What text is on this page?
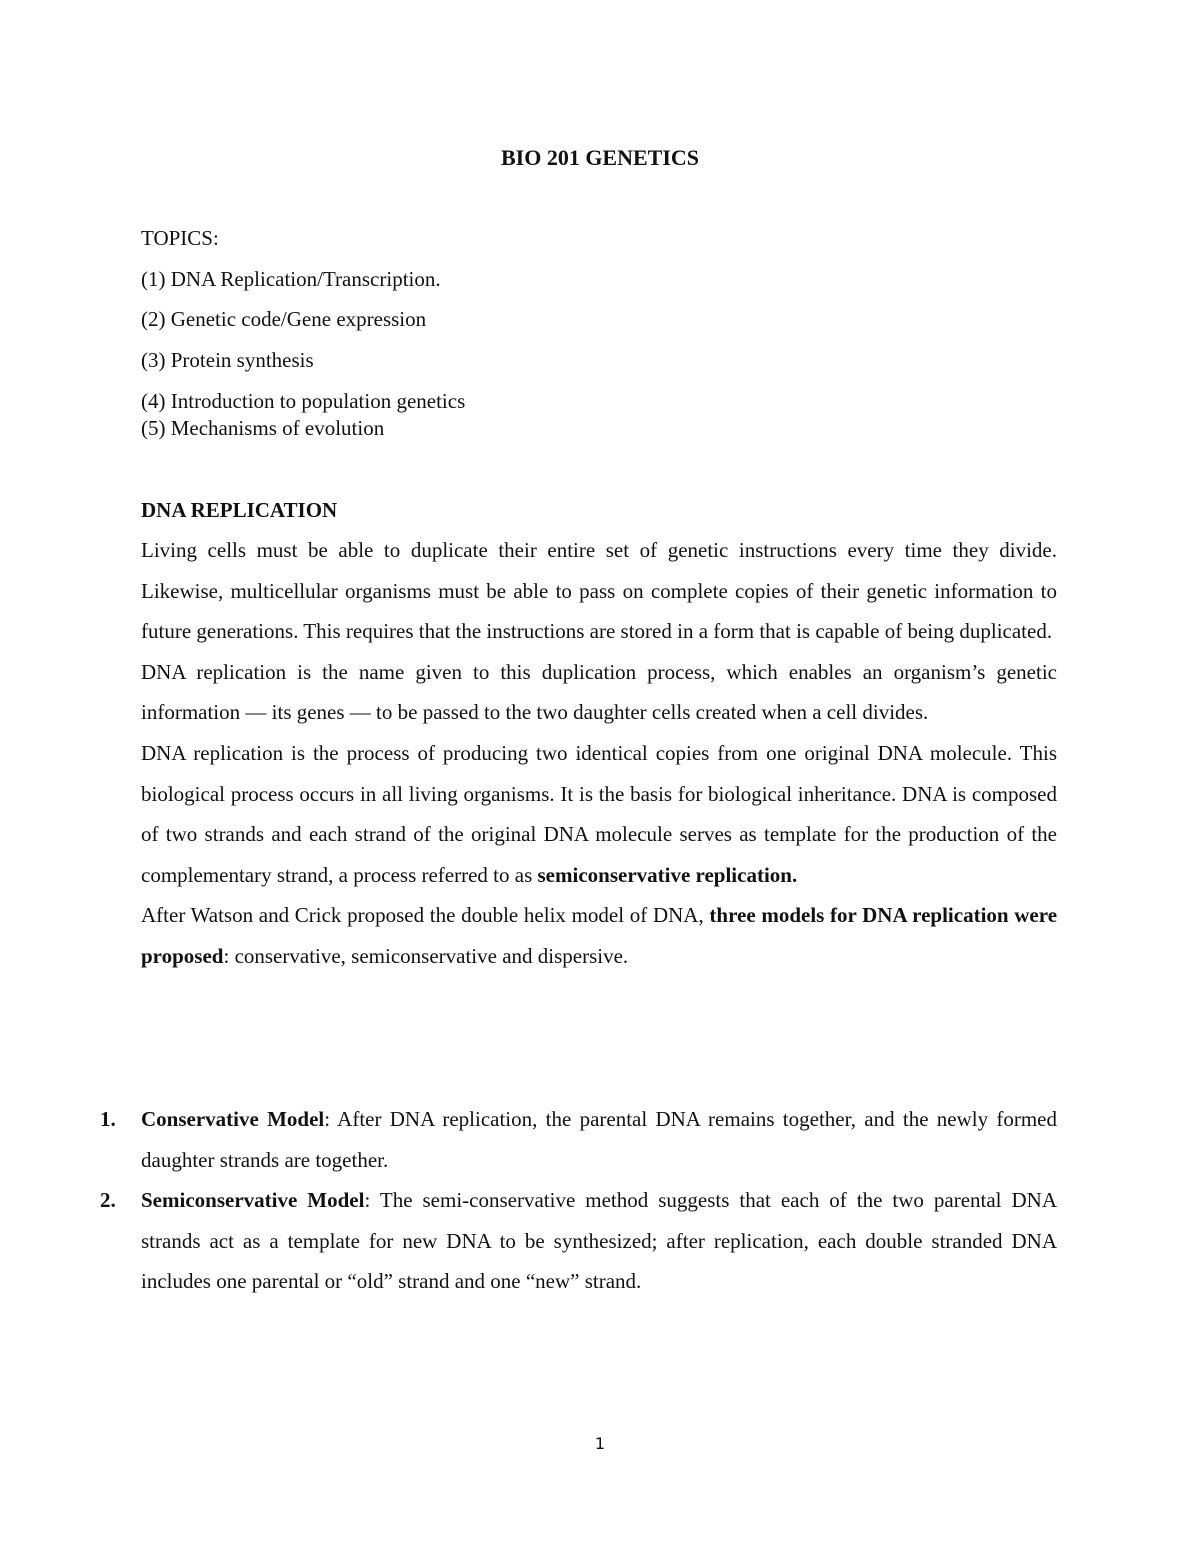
BIO 201 GENETICS
TOPICS:
(1) DNA Replication/Transcription.
(2) Genetic code/Gene expression
(3) Protein synthesis
(4) Introduction to population genetics
(5) Mechanisms of evolution
DNA REPLICATION

Living cells must be able to duplicate their entire set of genetic instructions every time they divide. Likewise, multicellular organisms must be able to pass on complete copies of their genetic information to future generations. This requires that the instructions are stored in a form that is capable of being duplicated.

DNA replication is the name given to this duplication process, which enables an organism’s genetic information — its genes — to be passed to the two daughter cells created when a cell divides.

DNA replication is the process of producing two identical copies from one original DNA molecule. This biological process occurs in all living organisms. It is the basis for biological inheritance. DNA is composed of two strands and each strand of the original DNA molecule serves as template for the production of the complementary strand, a process referred to as semiconservative replication.

After Watson and Crick proposed the double helix model of DNA, three models for DNA replication were proposed: conservative, semiconservative and dispersive.

1. Conservative Model: After DNA replication, the parental DNA remains together, and the newly formed daughter strands are together.
2. Semiconservative Model: The semi-conservative method suggests that each of the two parental DNA strands act as a template for new DNA to be synthesized; after replication, each double stranded DNA includes one parental or “old” strand and one “new” strand.
1
